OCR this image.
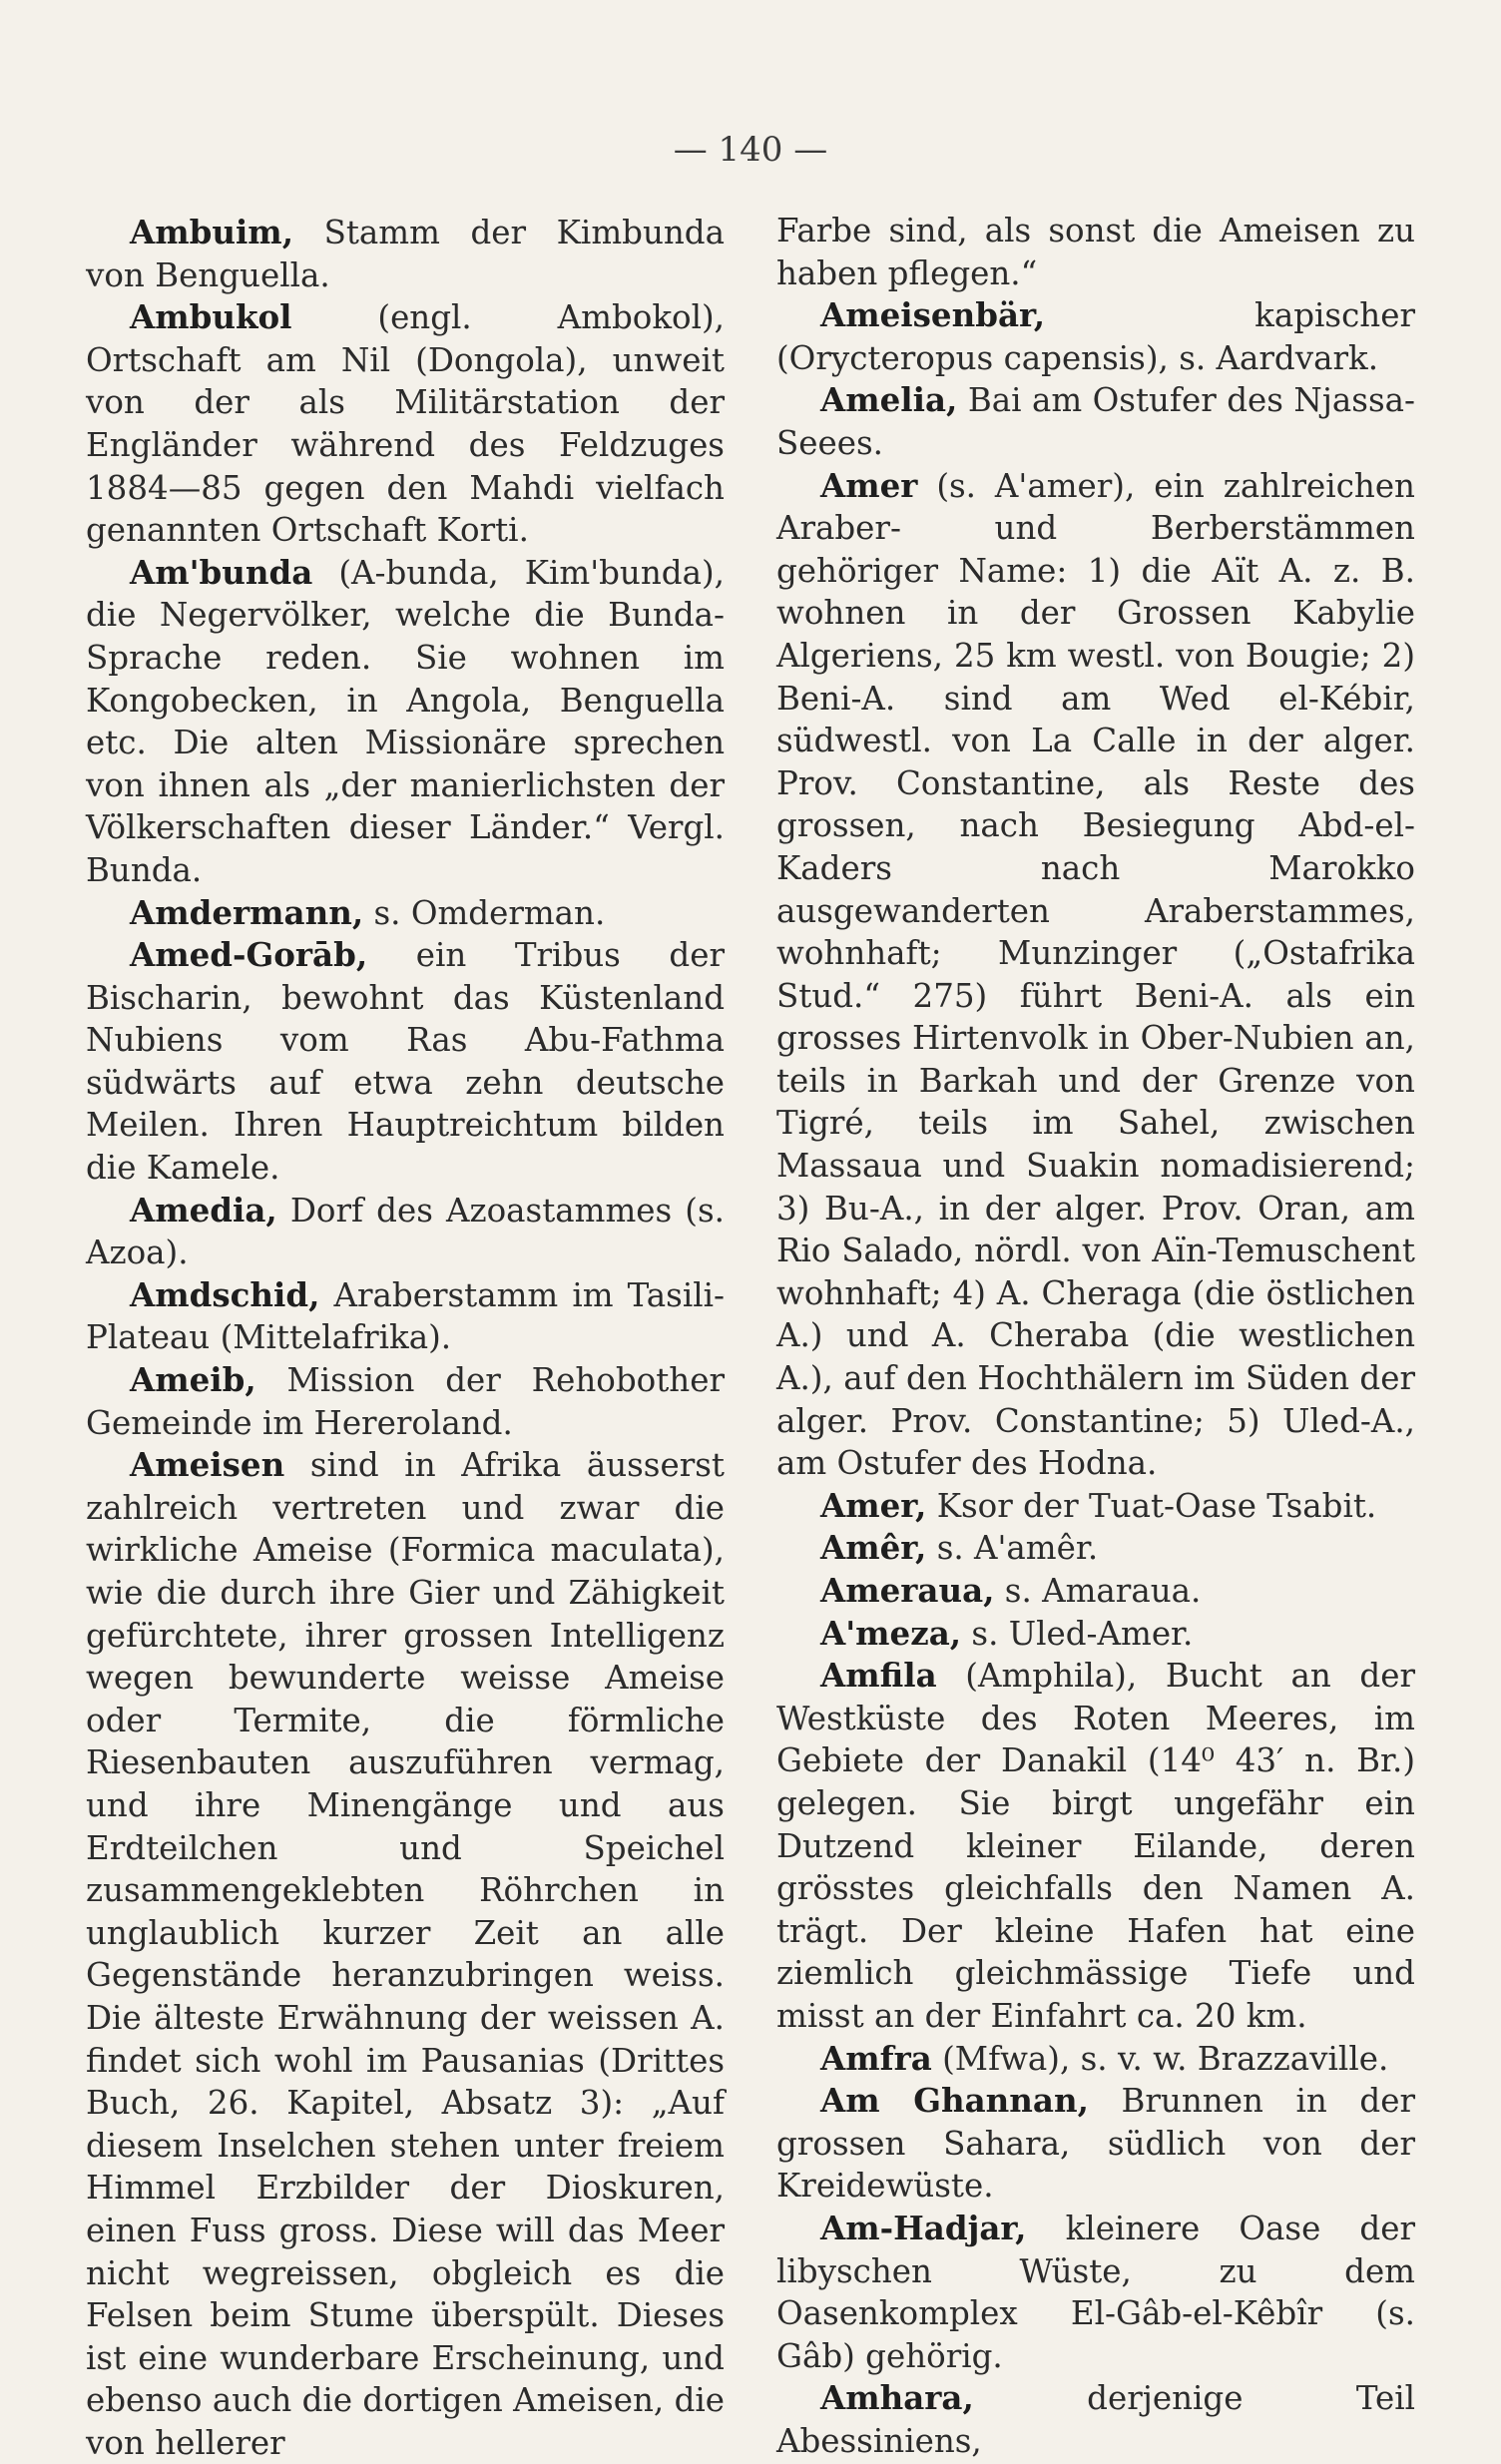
— 140 —

Ambuim, Stamm der Kimbunda von Benguella.

Ambukol (engl. Ambokol), Ortschaft am Nil (Dongola), unweit von der als Militärstation der Engländer während des Feldzuges 1884—85 gegen den Mahdi vielfach genannten Ortschaft Korti.

Am'bunda (A-bunda, Kim'bunda), die Negervölker, welche die Bunda-Sprache reden. Sie wohnen im Kongobecken, in Angola, Benguella etc. Die alten Missionäre sprechen von ihnen als „der manierlichsten der Völkerschaften dieser Länder.“ Vergl. Bunda.

Amdermann, s. Omderman.

Amed-Gorāb, ein Tribus der Bischarin, bewohnt das Küstenland Nubiens vom Ras Abu-Fathma südwärts auf etwa zehn deutsche Meilen. Ihren Hauptreichtum bilden die Kamele.

Amedia, Dorf des Azoastammes (s. Azoa).

Amdschid, Araberstamm im Tasili-Plateau (Mittelafrika).

Ameib, Mission der Rehobother Gemeinde im Hereroland.

Ameisen sind in Afrika äusserst zahlreich vertreten und zwar die wirkliche Ameise (Formica maculata), wie die durch ihre Gier und Zähigkeit gefürchtete, ihrer grossen Intelligenz wegen bewunderte weisse Ameise oder Termite, die förmliche Riesenbauten auszuführen vermag, und ihre Minengänge und aus Erdteilchen und Speichel zusammengeklebten Röhrchen in unglaublich kurzer Zeit an alle Gegenstände heranzubringen weiss. Die älteste Erwähnung der weissen A. findet sich wohl im Pausanias (Drittes Buch, 26. Kapitel, Absatz 3): „Auf diesem Inselchen stehen unter freiem Himmel Erzbilder der Dioskuren, einen Fuss gross. Diese will das Meer nicht wegreissen, obgleich es die Felsen beim Stume überspült. Dieses ist eine wunderbare Erscheinung, und ebenso auch die dortigen Ameisen, die von hellerer

Farbe sind, als sonst die Ameisen zu haben pflegen.“

Ameisenbär, kapischer (Orycteropus capensis), s. Aardvark.

Amelia, Bai am Ostufer des Njassa-Seees.

Amer (s. A'amer), ein zahlreichen Araber- und Berberstämmen gehöriger Name: 1) die Aït A. z. B. wohnen in der Grossen Kabylie Algeriens, 25 km westl. von Bougie; 2) Beni-A. sind am Wed el-Kébir, südwestl. von La Calle in der alger. Prov. Constantine, als Reste des grossen, nach Besiegung Abd-el-Kaders nach Marokko ausgewanderten Araberstammes, wohnhaft; Munzinger („Ostafrika Stud.“ 275) führt Beni-A. als ein grosses Hirtenvolk in Ober-Nubien an, teils in Barkah und der Grenze von Tigré, teils im Sahel, zwischen Massaua und Suakin nomadisierend; 3) Bu-A., in der alger. Prov. Oran, am Rio Salado, nördl. von Aïn-Temuschent wohnhaft; 4) A. Cheraga (die östlichen A.) und A. Cheraba (die westlichen A.), auf den Hochthälern im Süden der alger. Prov. Constantine; 5) Uled-A., am Ostufer des Hodna.

Amer, Ksor der Tuat-Oase Tsabit.

Amêr, s. A'amêr.

Ameraua, s. Amaraua.

A'meza, s. Uled-Amer.

Amfila (Amphila), Bucht an der Westküste des Roten Meeres, im Gebiete der Danakil (14⁰ 43′ n. Br.) gelegen. Sie birgt ungefähr ein Dutzend kleiner Eilande, deren grösstes gleichfalls den Namen A. trägt. Der kleine Hafen hat eine ziemlich gleichmässige Tiefe und misst an der Einfahrt ca. 20 km.

Amfra (Mfwa), s. v. w. Brazzaville.

Am Ghannan, Brunnen in der grossen Sahara, südlich von der Kreidewüste.

Am-Hadjar, kleinere Oase der libyschen Wüste, zu dem Oasenkomplex El-Gâb-el-Kêbîr (s. Gâb) gehörig.

Amhara, derjenige Teil Abessiniens,
